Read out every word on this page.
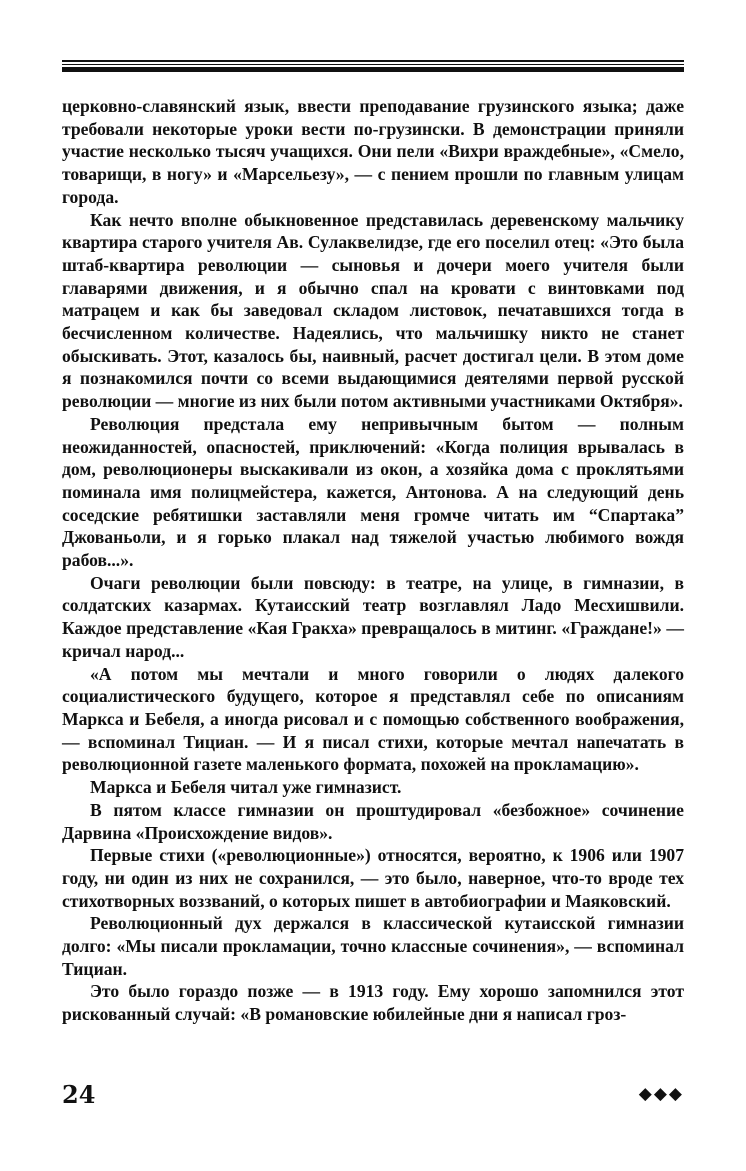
церковно-славянский язык, ввести преподавание грузинского языка; даже требовали некоторые уроки вести по-грузински. В демонстрации приняли участие несколько тысяч учащихся. Они пели «Вихри враждебные», «Смело, товарищи, в ногу» и «Марсельезу», — с пением прошли по главным улицам города.

Как нечто вполне обыкновенное представилась деревенскому мальчику квартира старого учителя Ав. Сулаквелидзе, где его поселил отец: «Это была штаб-квартира революции — сыновья и дочери моего учителя были главарями движения, и я обычно спал на кровати с винтовками под матрацем и как бы заведовал складом листовок, печатавшихся тогда в бесчисленном количестве. Надеялись, что мальчишку никто не станет обыскивать. Этот, казалось бы, наивный, расчет достигал цели. В этом доме я познакомился почти со всеми выдающимися деятелями первой русской революции — многие из них были потом активными участниками Октября».

Революция предстала ему непривычным бытом — полным неожиданностей, опасностей, приключений: «Когда полиция врывалась в дом, революционеры выскакивали из окон, а хозяйка дома с проклятьями поминала имя полицмейстера, кажется, Антонова. А на следующий день соседские ребятишки заставляли меня громче читать им “Спартака” Джованьоли, и я горько плакал над тяжелой участью любимого вождя рабов...».

Очаги революции были повсюду: в театре, на улице, в гимназии, в солдатских казармах. Кутаисский театр возглавлял Ладо Месхишвили. Каждое представление «Кая Гракха» превращалось в митинг. «Граждане!» — кричал народ...

«А потом мы мечтали и много говорили о людях далекого социалистического будущего, которое я представлял себе по описаниям Маркса и Бебеля, а иногда рисовал и с помощью собственного воображения, — вспоминал Тициан. — И я писал стихи, которые мечтал напечатать в революционной газете маленького формата, похожей на прокламацию».

Маркса и Бебеля читал уже гимназист.

В пятом классе гимназии он проштудировал «безбожное» сочинение Дарвина «Происхождение видов».

Первые стихи («революционные») относятся, вероятно, к 1906 или 1907 году, ни один из них не сохранился, — это было, наверное, что-то вроде тех стихотворных воззваний, о которых пишет в автобиографии и Маяковский.

Революционный дух держался в классической кутаисской гимназии долго: «Мы писали прокламации, точно классные сочинения», — вспоминал Тициан.

Это было гораздо позже — в 1913 году. Ему хорошо запомнился этот рискованный случай: «В романовские юбилейные дни я написал гроз-

24	◆◆◆
